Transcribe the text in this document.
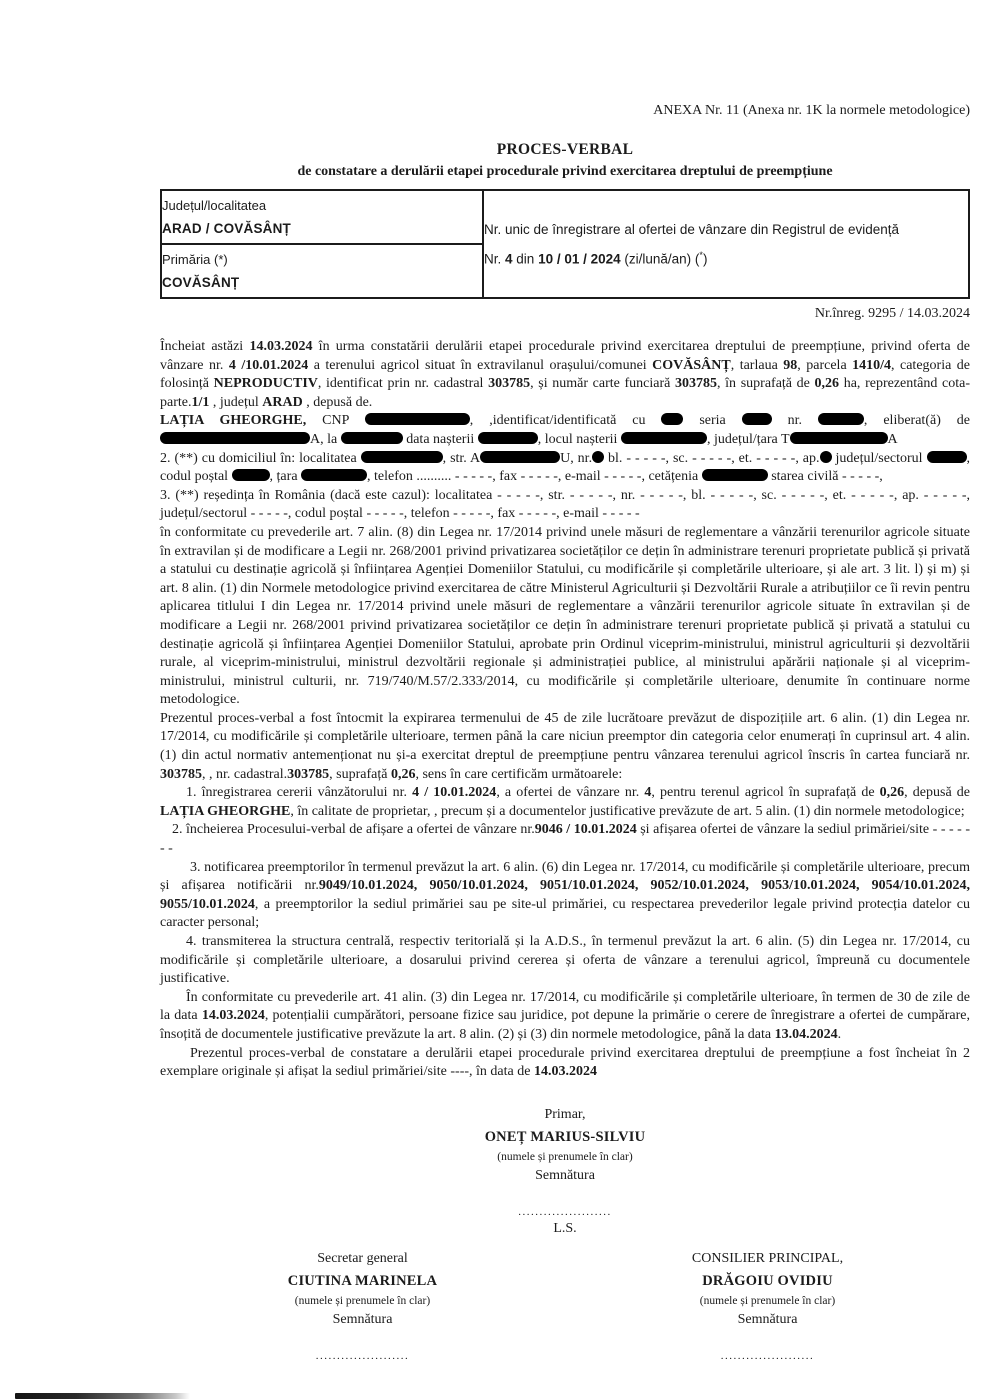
ANEXA Nr. 11 (Anexa nr. 1K la normele metodologice)
PROCES-VERBAL
de constatare a derulării etapei procedurale privind exercitarea dreptului de preempțiune
Județul/localitatea
ARAD / COVĂSÂNȚ	Nr. unic de înregistrare al ofertei de vânzare din Registrul de evidență
Nr. 4 din 10 / 01 / 2024 (zi/lună/an) (*)

Primăria (*)
COVĂSÂNȚ
Nr.înreg. 9295 / 14.03.2024

Încheiat astăzi 14.03.2024 în urma constatării derulării etapei procedurale privind exercitarea dreptului de preempțiune, privind oferta de vânzare nr. 4 /10.01.2024 a terenului agricol situat în extravilanul orașului/comunei COVĂSÂNȚ, tarlaua 98, parcela 1410/4, categoria de folosință NEPRODUCTIV, identificat prin nr. cadastral 303785, și număr carte funciară 303785, în suprafață de 0,26 ha, reprezentând cota-parte.1/1 , județul ARAD , depusă de.

LAȚIA GHEORGHE, CNP	, ,identificat/identificată cu  seria  nr.	, eliberat(ă) de A, la	data nașterii	, locul nașterii	, județul/țara T	A

2. (**) cu domiciliul în: localitatea	, str. A	U, nr. bl. - - - - -, sc. - - - - -, et. - - - - -, ap. județul/sectorul	, codul poștal	, țara	, telefon .......... - - - - -, fax - - - - -, e-mail - - - - -, cetățenia	starea civilă - - - - -,

3. (**) reședința în România (dacă este cazul): localitatea - - - - -, str. - - - - -, nr. - - - - -, bl. - - - - -, sc. - - - - -, et. - - - - -, ap. - - - - -, județul/sectorul - - - - -, codul poștal - - - - -, telefon - - - - -, fax - - - - -, e-mail - - - - -

în conformitate cu prevederile art. 7 alin. (8) din Legea nr. 17/2014 privind unele măsuri de reglementare a vânzării terenurilor agricole situate în extravilan și de modificare a Legii nr. 268/2001 privind privatizarea societăților ce dețin în administrare terenuri proprietate publică și privată a statului cu destinație agricolă și înființarea Agenției Domeniilor Statului, cu modificările și completările ulterioare, și ale art. 3 lit. l) și m) și art. 8 alin. (1) din Normele metodologice privind exercitarea de către Ministerul Agriculturii și Dezvoltării Rurale a atribuțiilor ce îi revin pentru aplicarea titlului I din Legea nr. 17/2014 privind unele măsuri de reglementare a vânzării terenurilor agricole situate în extravilan și de modificare a Legii nr. 268/2001 privind privatizarea societăților ce dețin în administrare terenuri proprietate publică și privată a statului cu destinație agricolă și înființarea Agenției Domeniilor Statului, aprobate prin Ordinul viceprim-ministrului, ministrul agriculturii și dezvoltării rurale, al viceprim-ministrului, ministrul dezvoltării regionale și administrației publice, al ministrului apărării naționale și al viceprim-ministrului, ministrul culturii, nr. 719/740/M.57/2.333/2014, cu modificările și completările ulterioare, denumite în continuare norme metodologice.

Prezentul proces-verbal a fost întocmit la expirarea termenului de 45 de zile lucrătoare prevăzut de dispozițiile art. 6 alin. (1) din Legea nr. 17/2014, cu modificările și completările ulterioare, termen până la care niciun preemptor din categoria celor enumerați în cuprinsul art. 4 alin. (1) din actul normativ antemenționat nu și-a exercitat dreptul de preempțiune pentru vânzarea terenului agricol înscris în cartea funciară nr. 303785, , nr. cadastral.303785, suprafață 0,26, sens în care certificăm următoarele:

1. înregistrarea cererii vânzătorului nr. 4 / 10.01.2024, a ofertei de vânzare nr. 4, pentru terenul agricol în suprafață de 0,26, depusă de LAȚIA GHEORGHE, în calitate de proprietar, , precum și a documentelor justificative prevăzute de art. 5 alin. (1) din normele metodologice;

2. încheierea Procesului-verbal de afișare a ofertei de vânzare nr.9046 / 10.01.2024 și afișarea ofertei de vânzare la sediul primăriei/site - - - - - - -

3. notificarea preemptorilor în termenul prevăzut la art. 6 alin. (6) din Legea nr. 17/2014, cu modificările și completările ulterioare, precum și afișarea notificării nr.9049/10.01.2024, 9050/10.01.2024, 9051/10.01.2024, 9052/10.01.2024, 9053/10.01.2024, 9054/10.01.2024, 9055/10.01.2024, a preemptorilor la sediul primăriei sau pe site-ul primăriei, cu respectarea prevederilor legale privind protecția datelor cu caracter personal;

4. transmiterea la structura centrală, respectiv teritorială și la A.D.S., în termenul prevăzut la art. 6 alin. (5) din Legea nr. 17/2014, cu modificările și completările ulterioare, a dosarului privind cererea și oferta de vânzare a terenului agricol, împreună cu documentele justificative.

În conformitate cu prevederile art. 41 alin. (3) din Legea nr. 17/2014, cu modificările și completările ulterioare, în termen de 30 de zile de la data 14.03.2024, potențialii cumpărători, persoane fizice sau juridice, pot depune la primărie o cerere de înregistrare a ofertei de cumpărare, însoțită de documentele justificative prevăzute la art. 8 alin. (2) și (3) din normele metodologice, până la data 13.04.2024.

Prezentul proces-verbal de constatare a derulării etapei procedurale privind exercitarea dreptului de preempțiune a fost încheiat în 2 exemplare originale și afișat la sediul primăriei/site ----, în data de 14.03.2024

Primar,
ONEȚ MARIUS-SILVIU
(numele și prenumele în clar)
Semnătura
......................
L.S.
Secretar general
CIUTINA MARINELA
(numele și prenumele în clar)
Semnătura
......................
CONSILIER PRINCIPAL,
DRĂGOIU OVIDIU
(numele și prenumele în clar)
Semnătura
......................
